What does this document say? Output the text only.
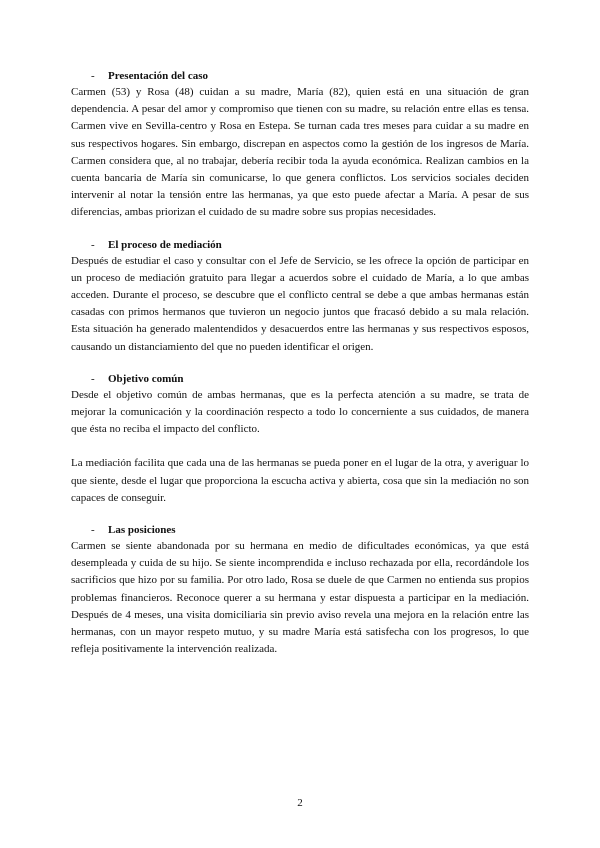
- Presentación del caso

Carmen (53) y Rosa (48) cuidan a su madre, María (82), quien está en una situación de gran dependencia. A pesar del amor y compromiso que tienen con su madre, su relación entre ellas es tensa. Carmen vive en Sevilla-centro y Rosa en Estepa. Se turnan cada tres meses para cuidar a su madre en sus respectivos hogares. Sin embargo, discrepan en aspectos como la gestión de los ingresos de María. Carmen considera que, al no trabajar, debería recibir toda la ayuda económica. Realizan cambios en la cuenta bancaria de María sin comunicarse, lo que genera conflictos. Los servicios sociales deciden intervenir al notar la tensión entre las hermanas, ya que esto puede afectar a María. A pesar de sus diferencias, ambas priorizan el cuidado de su madre sobre sus propias necesidades.

- El proceso de mediación

Después de estudiar el caso y consultar con el Jefe de Servicio, se les ofrece la opción de participar en un proceso de mediación gratuito para llegar a acuerdos sobre el cuidado de María, a lo que ambas acceden. Durante el proceso, se descubre que el conflicto central se debe a que ambas hermanas están casadas con primos hermanos que tuvieron un negocio juntos que fracasó debido a su mala relación. Esta situación ha generado malentendidos y desacuerdos entre las hermanas y sus respectivos esposos, causando un distanciamiento del que no pueden identificar el origen.

- Objetivo común

Desde el objetivo común de ambas hermanas, que es la perfecta atención a su madre, se trata de mejorar la comunicación y la coordinación respecto a todo lo concerniente a sus cuidados, de manera que ésta no reciba el impacto del conflicto.

La mediación facilita que cada una de las hermanas se pueda poner en el lugar de la otra, y averiguar lo que siente, desde el lugar que proporciona la escucha activa y abierta, cosa que sin la mediación no son capaces de conseguir.

- Las posiciones

Carmen se siente abandonada por su hermana en medio de dificultades económicas, ya que está desempleada y cuida de su hijo. Se siente incomprendida e incluso rechazada por ella, recordándole los sacrificios que hizo por su familia. Por otro lado, Rosa se duele de que Carmen no entienda sus propios problemas financieros. Reconoce querer a su hermana y estar dispuesta a participar en la mediación. Después de 4 meses, una visita domiciliaria sin previo aviso revela una mejora en la relación entre las hermanas, con un mayor respeto mutuo, y su madre María está satisfecha con los progresos, lo que refleja positivamente la intervención realizada.

2
